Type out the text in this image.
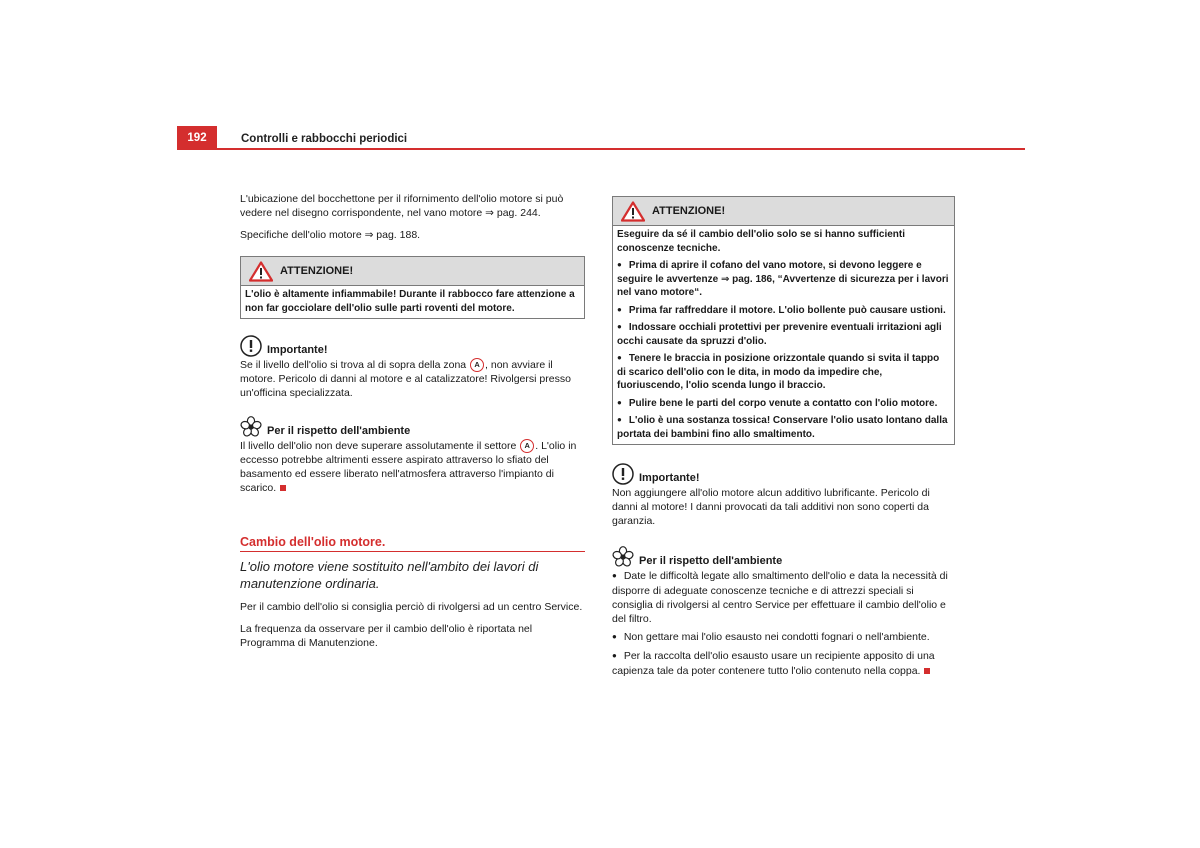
192	Controlli e rabbocchi periodici

L'ubicazione del bocchettone per il rifornimento dell'olio motore si può vedere nel disegno corrispondente, nel vano motore ⇒ pag. 244.

Specifiche dell'olio motore ⇒ pag. 188.

ATTENZIONE!

L'olio è altamente infiammabile! Durante il rabbocco fare attenzione a non far gocciolare dell'olio sulle parti roventi del motore.

Importante!

Se il livello dell'olio si trova al di sopra della zona A , non avviare il motore. Pericolo di danni al motore e al catalizzatore! Rivolgersi presso un'officina specializzata.

Per il rispetto dell'ambiente

Il livello dell'olio non deve superare assolutamente il settore A . L'olio in eccesso potrebbe altrimenti essere aspirato attraverso lo sfiato del basamento ed essere liberato nell'atmosfera attraverso l'impianto di scarico.

Cambio dell'olio motore.
L'olio motore viene sostituito nell'ambito dei lavori di manutenzione ordinaria.

Per il cambio dell'olio si consiglia perciò di rivolgersi ad un centro Service.

La frequenza da osservare per il cambio dell'olio è riportata nel Programma di Manutenzione.

ATTENZIONE!

Eseguire da sé il cambio dell'olio solo se si hanno sufficienti conoscenze tecniche.

● Prima di aprire il cofano del vano motore, si devono leggere e seguire le avvertenze ⇒ pag. 186, “Avvertenze di sicurezza per i lavori nel vano motore“.

● Prima far raffreddare il motore. L'olio bollente può causare ustioni.

● Indossare occhiali protettivi per prevenire eventuali irritazioni agli occhi causate da spruzzi d'olio.

● Tenere le braccia in posizione orizzontale quando si svita il tappo di scarico dell'olio con le dita, in modo da impedire che, fuoriuscendo, l'olio scenda lungo il braccio.

● Pulire bene le parti del corpo venute a contatto con l'olio motore.

● L'olio è una sostanza tossica! Conservare l'olio usato lontano dalla portata dei bambini fino allo smaltimento.

Importante!

Non aggiungere all'olio motore alcun additivo lubrificante. Pericolo di danni al motore! I danni provocati da tali additivi non sono coperti da garanzia.

Per il rispetto dell'ambiente

● Date le difficoltà legate allo smaltimento dell'olio e data la necessità di disporre di adeguate conoscenze tecniche e di attrezzi speciali si consiglia di rivolgersi al centro Service per effettuare il cambio dell'olio e del filtro.

● Non gettare mai l'olio esausto nei condotti fognari o nell'ambiente.

● Per la raccolta dell'olio esausto usare un recipiente apposito di una capienza tale da poter contenere tutto l'olio contenuto nella coppa.
